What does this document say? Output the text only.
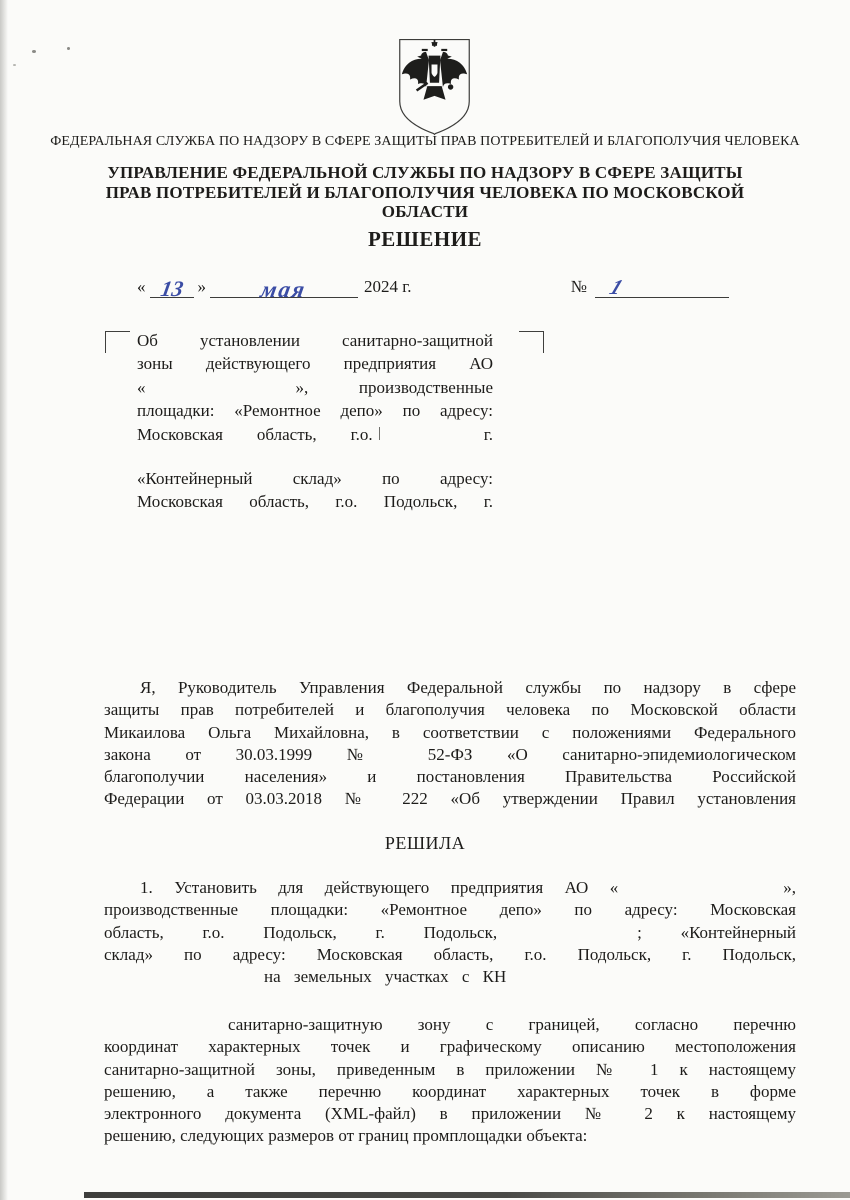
ФЕДЕРАЛЬНАЯ СЛУЖБА ПО НАДЗОРУ В СФЕРЕ ЗАЩИТЫ ПРАВ ПОТРЕБИТЕЛЕЙ И БЛАГОПОЛУЧИЯ ЧЕЛОВЕКА
УПРАВЛЕНИЕ ФЕДЕРАЛЬНОЙ СЛУЖБЫ ПО НАДЗОРУ В СФЕРЕ ЗАЩИТЫ ПРАВ ПОТРЕБИТЕЛЕЙ И БЛАГОПОЛУЧИЯ ЧЕЛОВЕКА ПО МОСКОВСКОЙ ОБЛАСТИ
РЕШЕНИЕ
« 13 »	мая	2024 г.	№ 1
Об установлении санитарно-защитной
зоны действующего предприятия АО
«	», производственные
площадки: «Ремонтное депо» по адресу:
Московская область, г.о.	г.
«Контейнерный склад» по адресу:
Московская область, г.о. Подольск, г.
Я, Руководитель Управления Федеральной службы по надзору в сфере
защиты прав потребителей и благополучия человека по Московской области
Микаилова Ольга Михайловна, в соответствии с положениями Федерального
закона от 30.03.1999 № 52-ФЗ «О санитарно-эпидемиологическом
благополучии населения» и постановления Правительства Российской
Федерации от 03.03.2018 № 222 «Об утверждении Правил установления
РЕШИЛА
1. Установить для действующего предприятия АО «	»,
производственные площадки: «Ремонтное депо» по адресу: Московская
область, г.о. Подольск, г. Подольск,	; «Контейнерный
склад» по адресу: Московская область, г.о. Подольск, г. Подольск,
на земельных участках с КН
санитарно-защитную зону с границей, согласно перечню
координат характерных точек и графическому описанию местоположения
санитарно-защитной зоны, приведенным в приложении № 1 к настоящему
решению, а также перечню координат характерных точек в форме
электронного документа (XML-файл) в приложении № 2 к настоящему
решению, следующих размеров от границ промплощадки объекта:
